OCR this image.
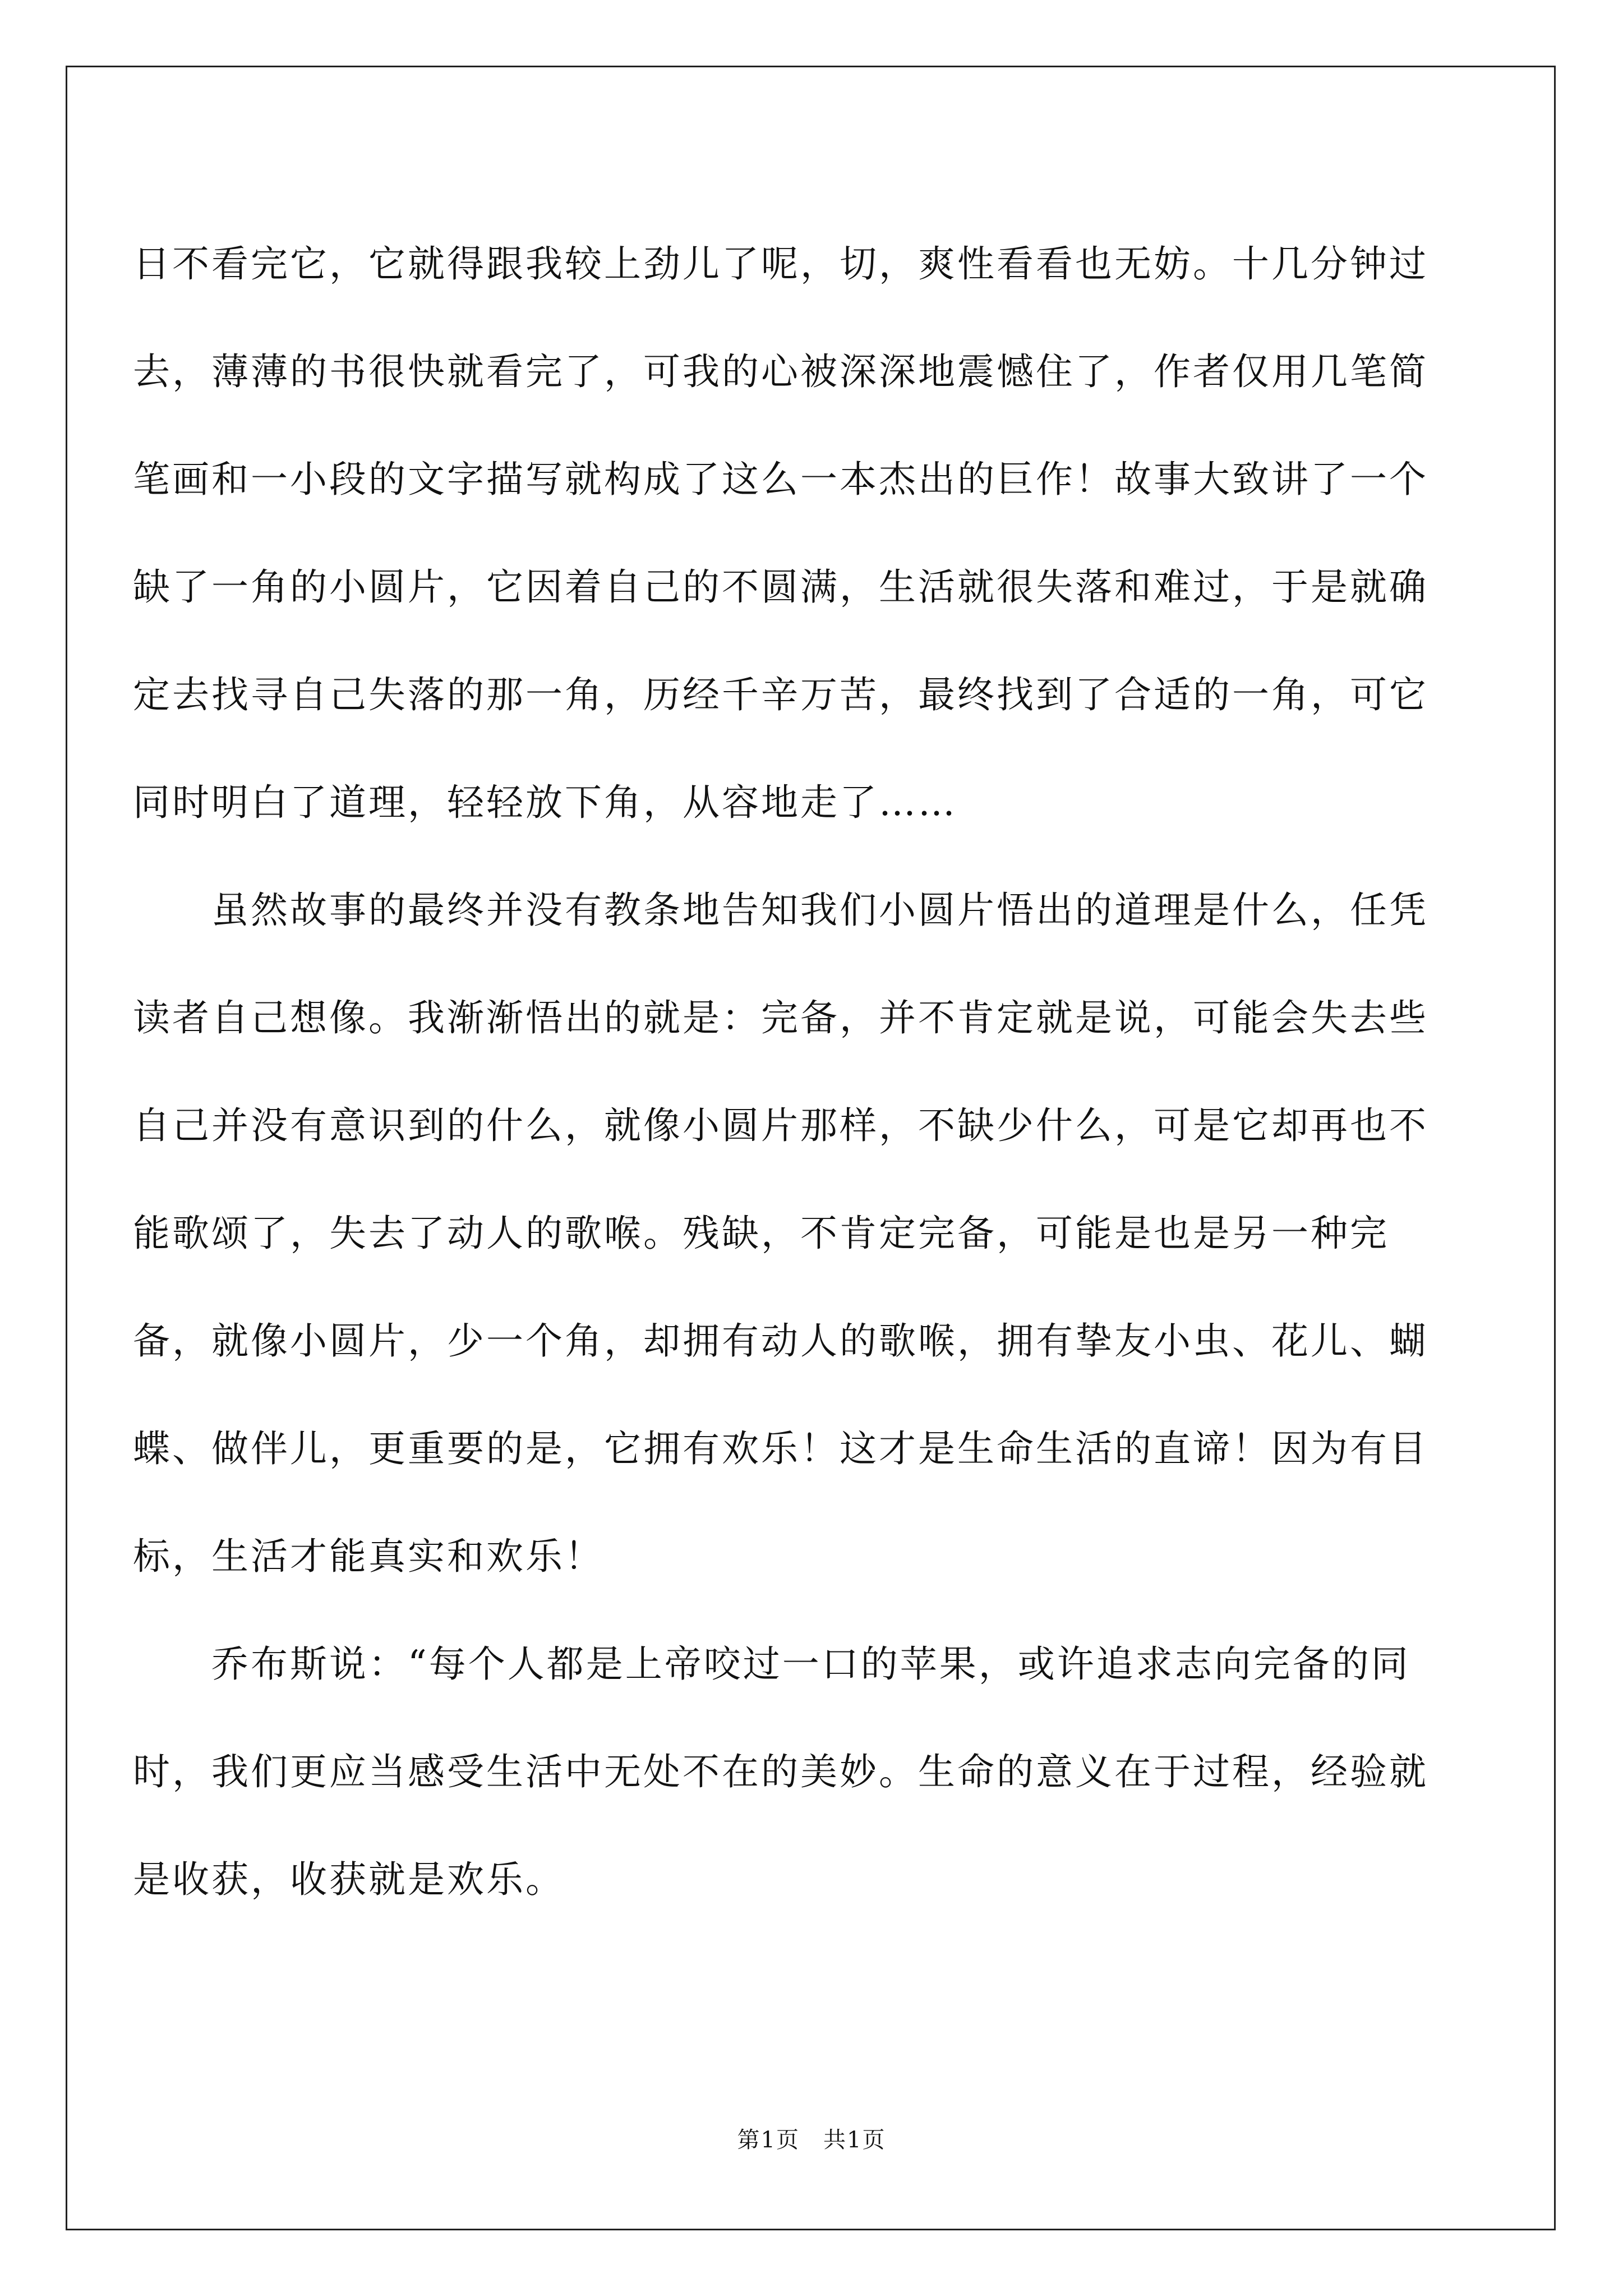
日不看完它，它就得跟我较上劲儿了呢，切，爽性看看也无妨。十几分钟过去，薄薄的书很快就看完了，可我的心被深深地震憾住了，作者仅用几笔简笔画和一小段的文字描写就构成了这么一本杰出的巨作！故事大致讲了一个缺了一角的小圆片，它因着自己的不圆满，生活就很失落和难过，于是就确定去找寻自己失落的那一角，历经千辛万苦，最终找到了合适的一角，可它同时明白了道理，轻轻放下角，从容地走了……

虽然故事的最终并没有教条地告知我们小圆片悟出的道理是什么，任凭读者自己想像。我渐渐悟出的就是：完备，并不肯定就是说，可能会失去些自己并没有意识到的什么，就像小圆片那样，不缺少什么，可是它却再也不能歌颂了，失去了动人的歌喉。残缺，不肯定完备，可能是也是另一种完备，就像小圆片，少一个角，却拥有动人的歌喉，拥有挚友小虫、花儿、蝴蝶、做伴儿，更重要的是，它拥有欢乐！这才是生命生活的直谛！因为有目标，生活才能真实和欢乐！

乔布斯说：“每个人都是上帝咬过一口的苹果，或许追求志向完备的同时，我们更应当感受生活中无处不在的美妙。生命的意义在于过程，经验就是收获，收获就是欢乐。

第1页　共1页
